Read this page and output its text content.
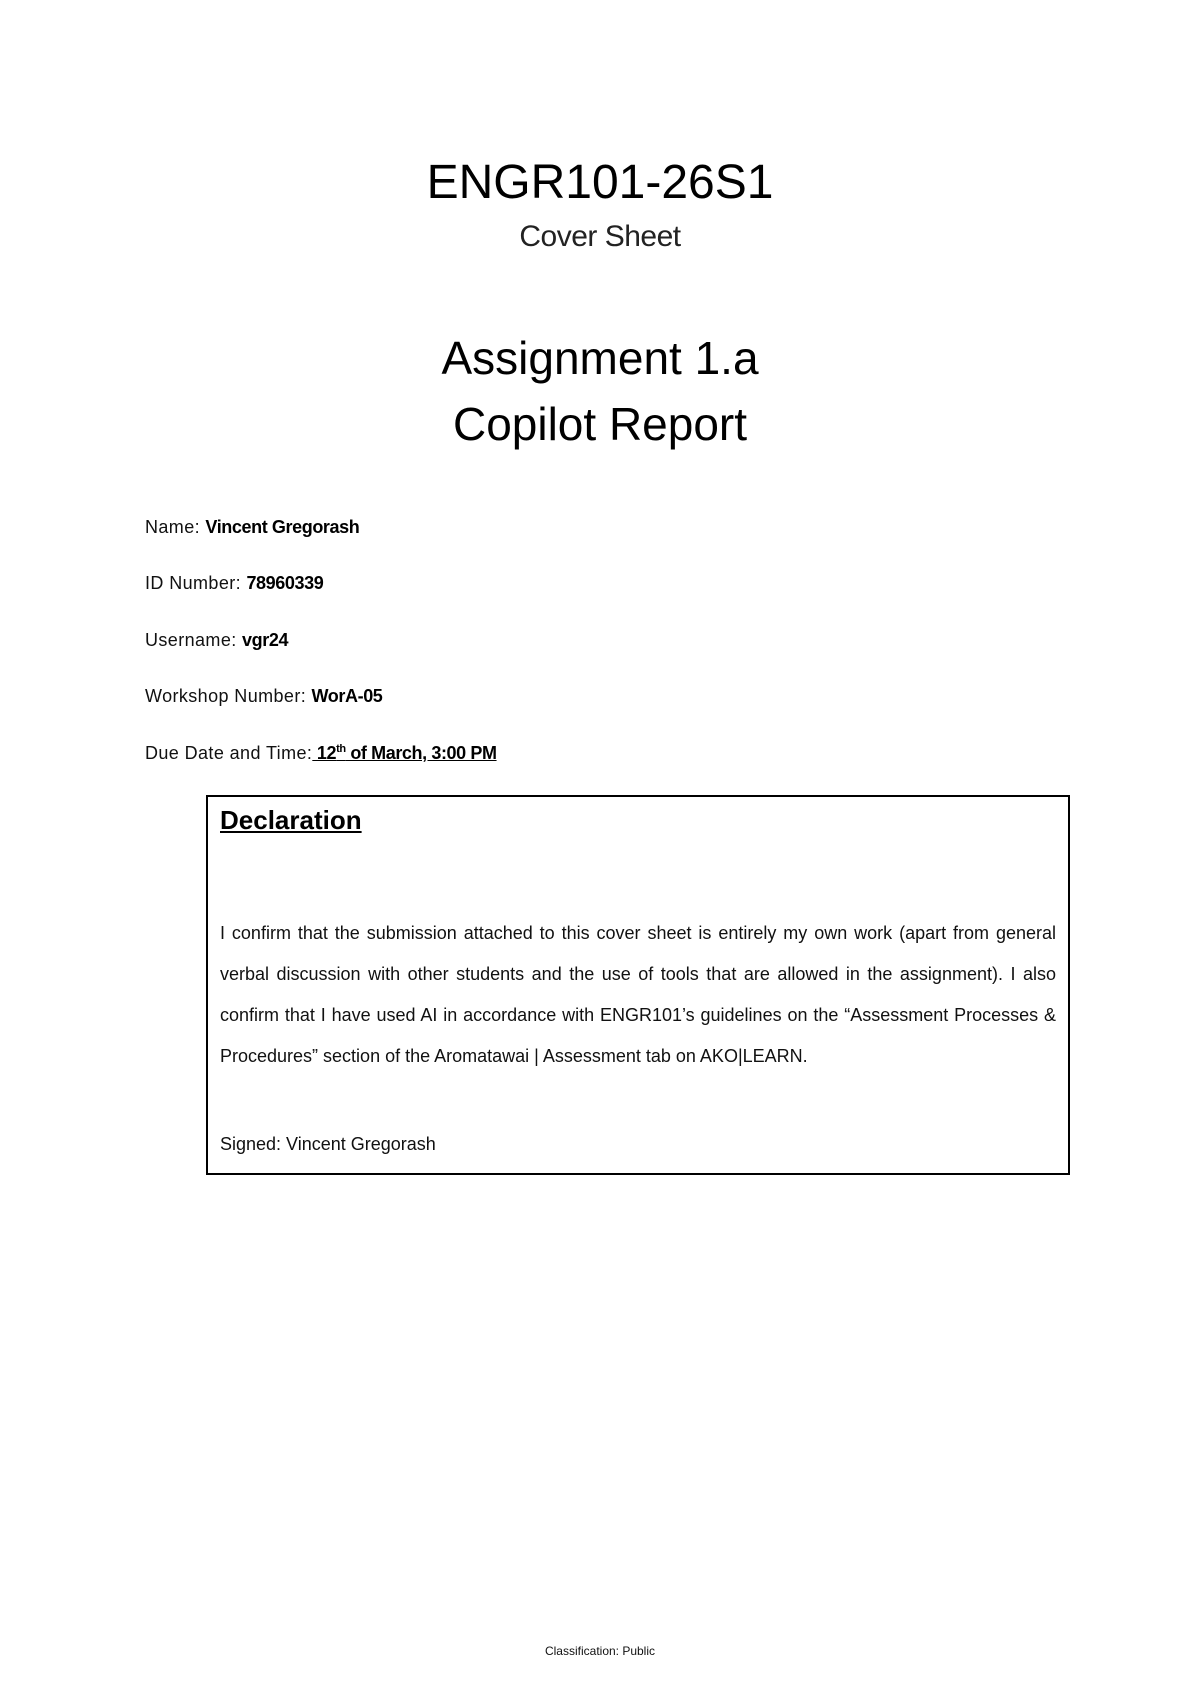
ENGR101-26S1
Cover Sheet
Assignment 1.a
Copilot Report
Name: Vincent Gregorash
ID Number: 78960339
Username: vgr24
Workshop Number: WorA-05
Due Date and Time: 12th of March, 3:00 PM
Declaration
I confirm that the submission attached to this cover sheet is entirely my own work (apart from general verbal discussion with other students and the use of tools that are allowed in the assignment). I also confirm that I have used AI in accordance with ENGR101’s guidelines on the “Assessment Processes & Procedures” section of the Aromatawai | Assessment tab on AKO|LEARN.
Signed: Vincent Gregorash
Classification: Public
